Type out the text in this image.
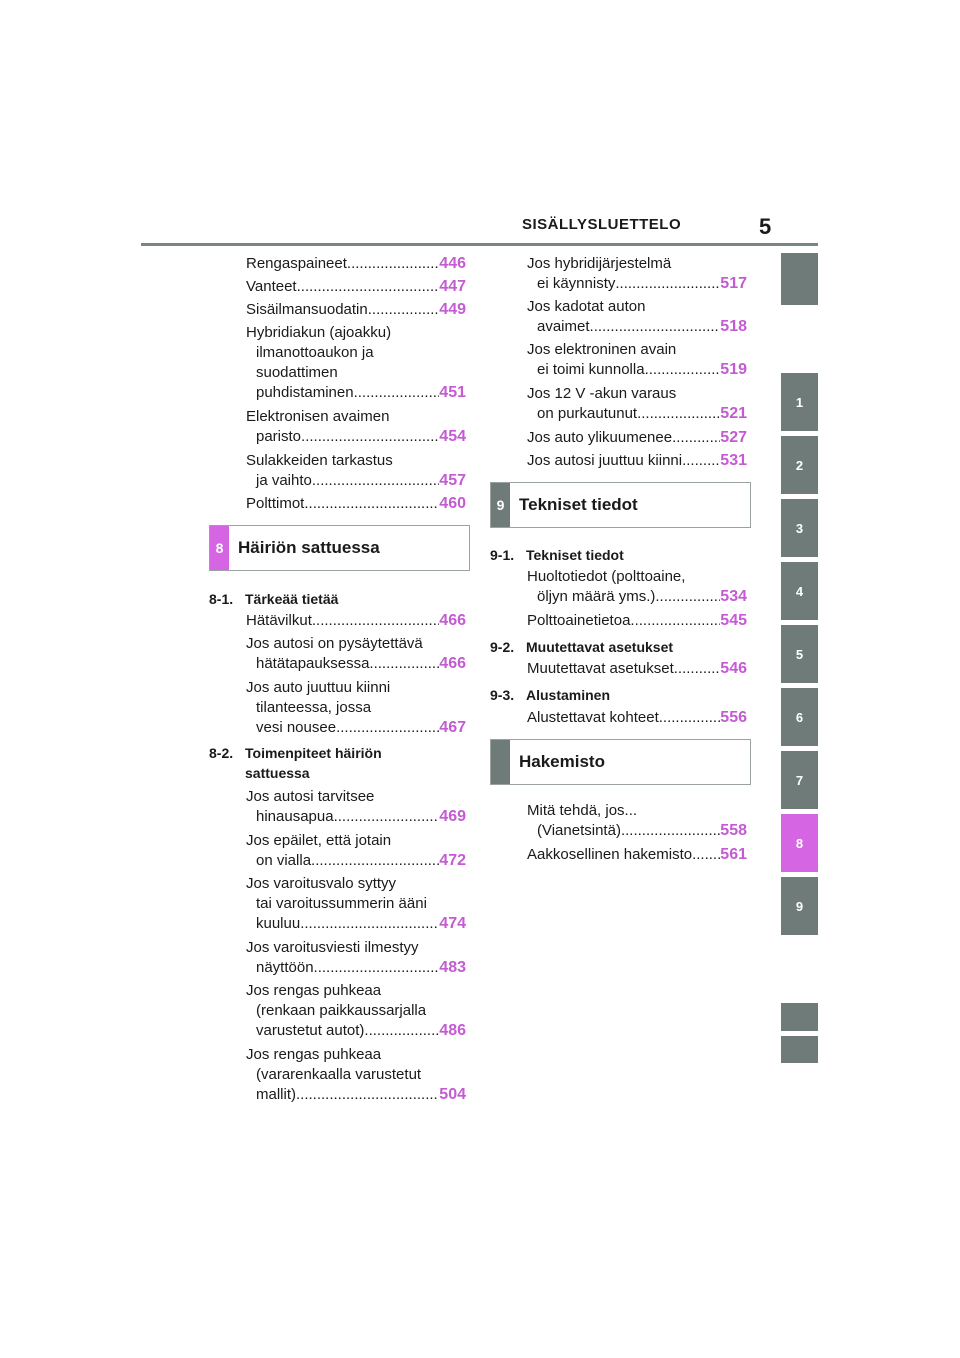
SISÄLLYSLUETTELO	5
1
2
3
4
5
6
7
8
9
Rengaspaineet .....	446
Vanteet .....	447
Sisäilmansuodatin .....	449
Hybridiakun (ajoakku)
ilmanottoaukon ja
suodattimen
puhdistaminen .....	451
Elektronisen avaimen
paristo .....	454
Sulakkeiden tarkastus
ja vaihto .....	457
Polttimot .....	460
8 Häiriön sattuessa
8-1. Tärkeää tietää
Hätävilkut .....	466
Jos autosi on pysäytettävä
hätätapauksessa .....	466
Jos auto juuttuu kiinni
tilanteessa, jossa
vesi nousee .....	467
8-2. Toimenpiteet häiriön
sattuessa
Jos autosi tarvitsee
hinausapua .....	469
Jos epäilet, että jotain
on vialla .....	472
Jos varoitusvalo syttyy
tai varoitussummerin ääni
kuuluu .....	474
Jos varoitusviesti ilmestyy
näyttöön .....	483
Jos rengas puhkeaa
(renkaan paikkaussarjalla
varustetut autot) .....	486
Jos rengas puhkeaa
(vararenkaalla varustetut
mallit) .....	504
Jos hybridijärjestelmä
ei käynnisty .....	517
Jos kadotat auton
avaimet .....	518
Jos elektroninen avain
ei toimi kunnolla .....	519
Jos 12 V -akun varaus
on purkautunut .....	521
Jos auto ylikuumenee .....	527
Jos autosi juuttuu kiinni ..... 531
9 Tekniset tiedot
9-1. Tekniset tiedot
Huoltotiedot (polttoaine,
öljyn määrä yms.) .....	534
Polttoainetietoa .....	545
9-2. Muutettavat asetukset
Muutettavat asetukset .....	546
9-3. Alustaminen
Alustettavat kohteet .....	556
Hakemisto
Mitä tehdä, jos...
(Vianetsintä) .....	558
Aakkosellinen hakemisto ..... 561
